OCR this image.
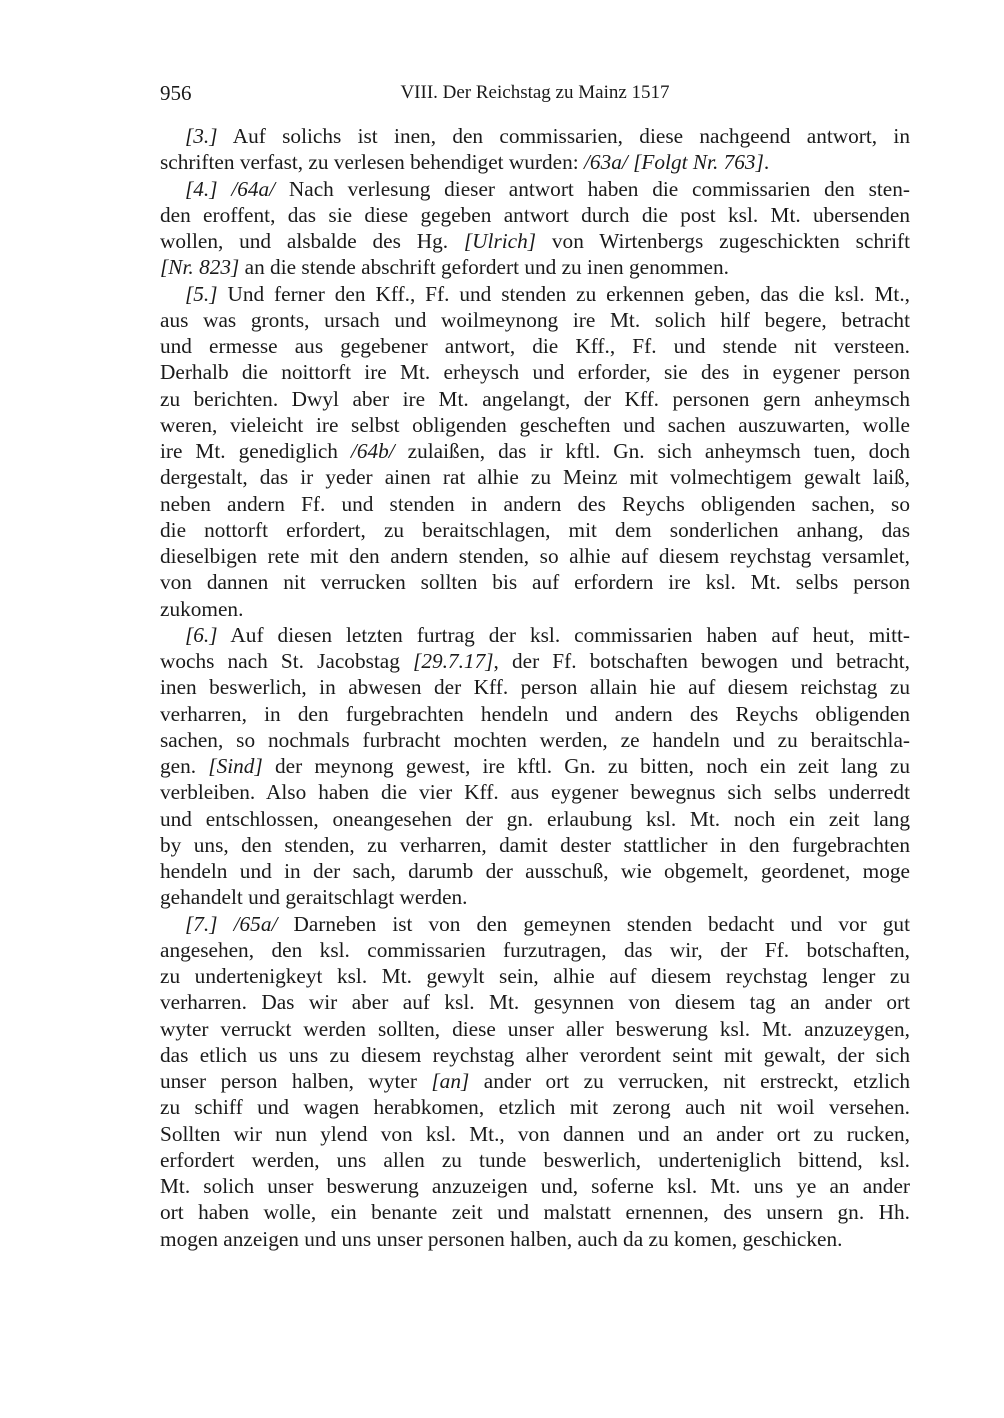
956	VIII. Der Reichstag zu Mainz 1517
[3.] Auf solichs ist inen, den commissarien, diese nachgeend antwort, in
schriften verfast, zu verlesen behendiget wurden: /63a/ [Folgt Nr. 763].
[4.] /64a/ Nach verlesung dieser antwort haben die commissarien den sten-
den eroffent, das sie diese gegeben antwort durch die post ksl. Mt. ubersenden
wollen, und alsbalde des Hg. [Ulrich] von Wirtenbergs zugeschickten schrift
[Nr. 823] an die stende abschrift gefordert und zu inen genommen.
[5.] Und ferner den Kff., Ff. und stenden zu erkennen geben, das die ksl. Mt.,
aus was gronts, ursach und woilmeynong ire Mt. solich hilf begere, betracht
und ermesse aus gegebener antwort, die Kff., Ff. und stende nit versteen.
Derhalb die noittorft ire Mt. erheysch und erforder, sie des in eygener person
zu berichten. Dwyl aber ire Mt. angelangt, der Kff. personen gern anheymsch
weren, vieleicht ire selbst obligenden gescheften und sachen auszuwarten, wolle
ire Mt. genediglich /64b/ zulaißen, das ir kftl. Gn. sich anheymsch tuen, doch
dergestalt, das ir yeder ainen rat alhie zu Meinz mit volmechtigem gewalt laiß,
neben andern Ff. und stenden in andern des Reychs obligenden sachen, so
die nottorft erfordert, zu beraitschlagen, mit dem sonderlichen anhang, das
dieselbigen rete mit den andern stenden, so alhie auf diesem reychstag versamlet,
von dannen nit verrucken sollten bis auf erfordern ire ksl. Mt. selbs person
zukomen.
[6.] Auf diesen letzten furtrag der ksl. commissarien haben auf heut, mitt-
wochs nach St. Jacobstag [29.7.17], der Ff. botschaften bewogen und betracht,
inen beswerlich, in abwesen der Kff. person allain hie auf diesem reichstag zu
verharren, in den furgebrachten hendeln und andern des Reychs obligenden
sachen, so nochmals furbracht mochten werden, ze handeln und zu beraitschla-
gen. [Sind] der meynong gewest, ire kftl. Gn. zu bitten, noch ein zeit lang zu
verbleiben. Also haben die vier Kff. aus eygener bewegnus sich selbs underredt
und entschlossen, oneangesehen der gn. erlaubung ksl. Mt. noch ein zeit lang
by uns, den stenden, zu verharren, damit dester stattlicher in den furgebrachten
hendeln und in der sach, darumb der ausschuß, wie obgemelt, geordenet, moge
gehandelt und geraitschlagt werden.
[7.] /65a/ Darneben ist von den gemeynen stenden bedacht und vor gut
angesehen, den ksl. commissarien furzutragen, das wir, der Ff. botschaften,
zu undertenigkeyt ksl. Mt. gewylt sein, alhie auf diesem reychstag lenger zu
verharren. Das wir aber auf ksl. Mt. gesynnen von diesem tag an ander ort
wyter verruckt werden sollten, diese unser aller beswerung ksl. Mt. anzuzeygen,
das etlich us uns zu diesem reychstag alher verordent seint mit gewalt, der sich
unser person halben, wyter [an] ander ort zu verrucken, nit erstreckt, etzlich
zu schiff und wagen herabkomen, etzlich mit zerong auch nit woil versehen.
Sollten wir nun ylend von ksl. Mt., von dannen und an ander ort zu rucken,
erfordert werden, uns allen zu tunde beswerlich, underteniglich bittend, ksl.
Mt. solich unser beswerung anzuzeigen und, soferne ksl. Mt. uns ye an ander
ort haben wolle, ein benante zeit und malstatt ernennen, des unsern gn. Hh.
mogen anzeigen und uns unser personen halben, auch da zu komen, geschicken.
